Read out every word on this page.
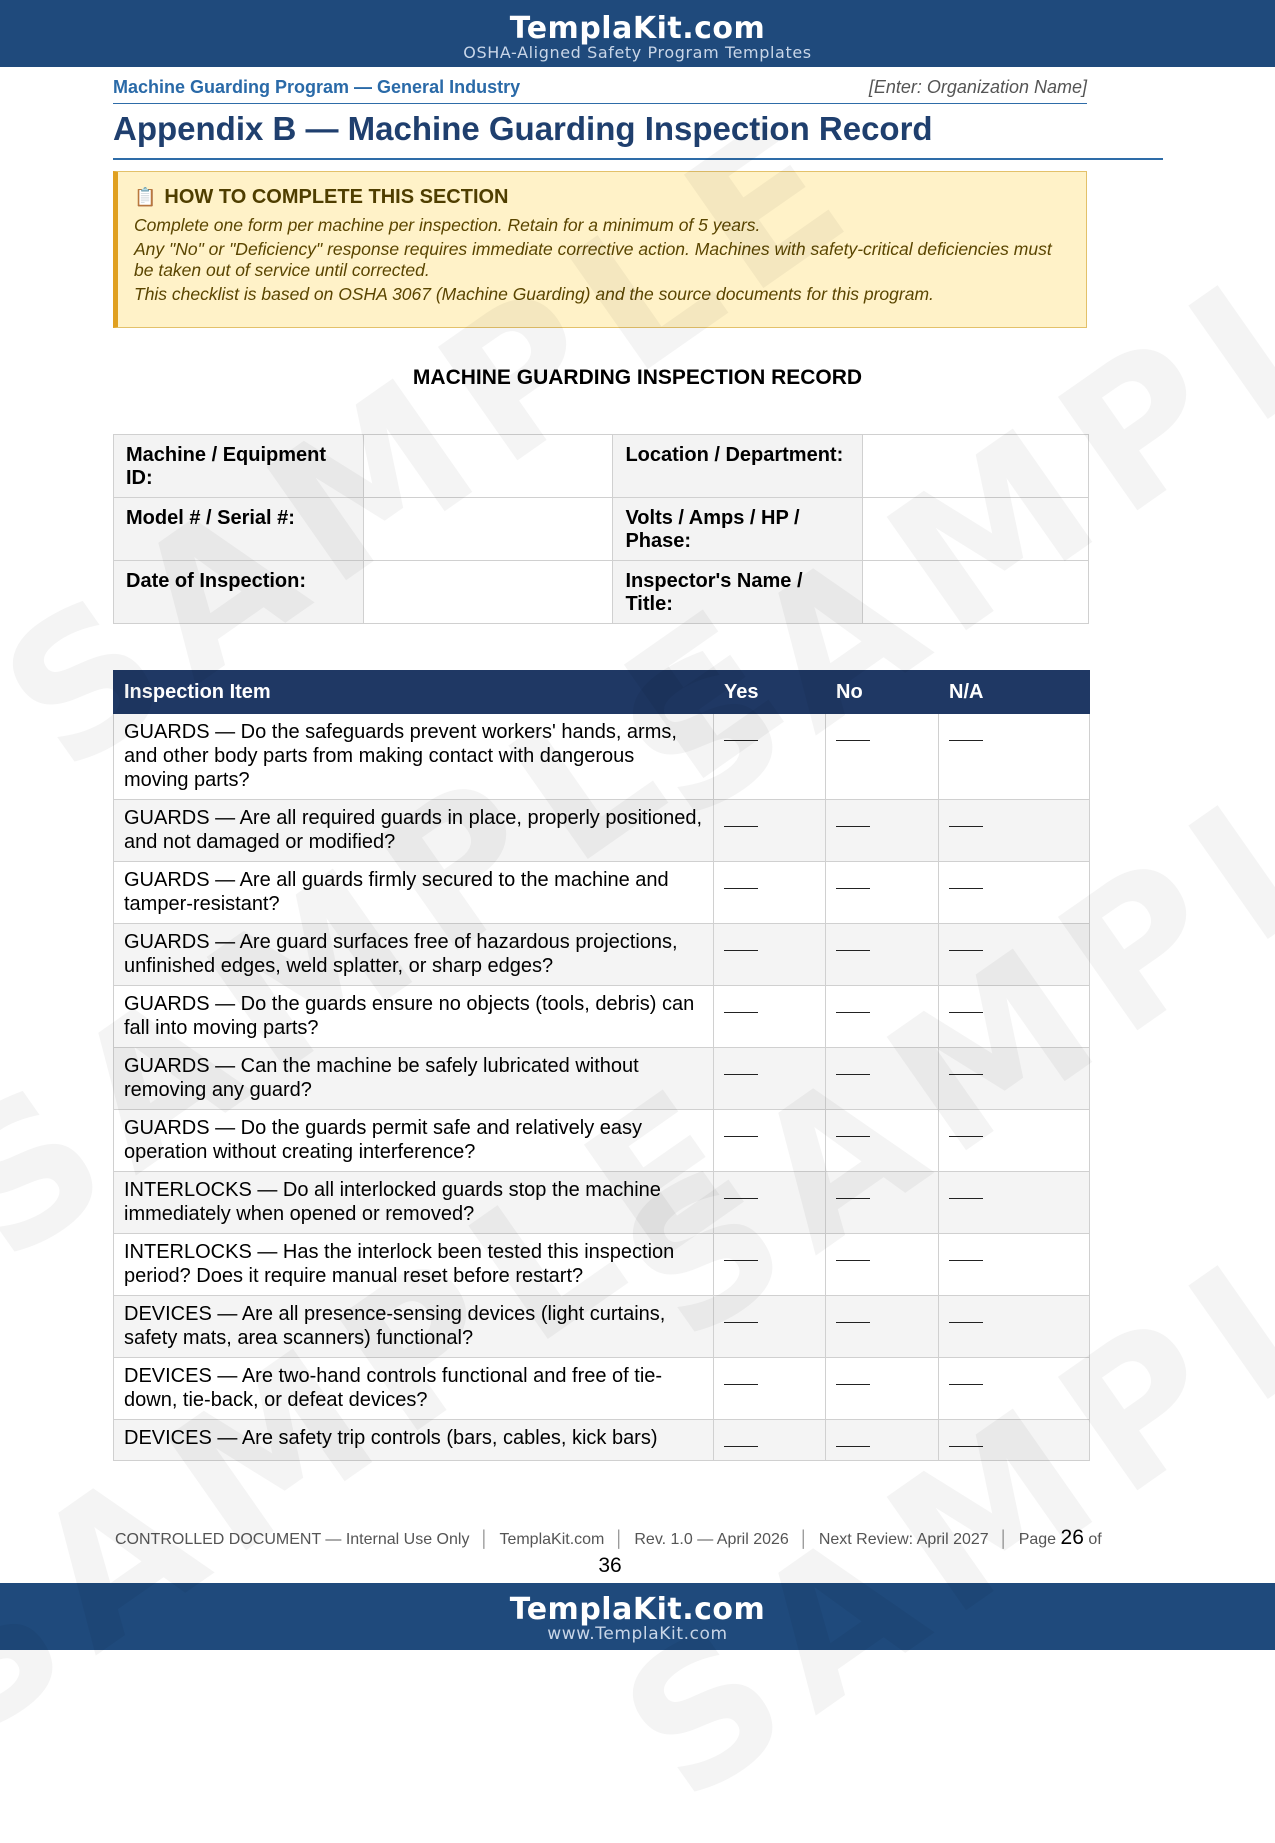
TemplaKit.com
OSHA-Aligned Safety Program Templates
Machine Guarding Program — General Industry	[Enter: Organization Name]
Appendix B — Machine Guarding Inspection Record
📋 HOW TO COMPLETE THIS SECTION

Complete one form per machine per inspection. Retain for a minimum of 5 years.

Any "No" or "Deficiency" response requires immediate corrective action. Machines with safety-critical deficiencies must be taken out of service until corrected.

This checklist is based on OSHA 3067 (Machine Guarding) and the source documents for this program.

MACHINE GUARDING INSPECTION RECORD
Machine / Equipment ID:		Location / Department:	
Model # / Serial #:		Volts / Amps / HP / Phase:	
Date of Inspection:		Inspector's Name / Title:	
Inspection Item	Yes	No	N/A
GUARDS — Do the safeguards prevent workers' hands, arms, and other body parts from making contact with dangerous moving parts?			
GUARDS — Are all required guards in place, properly positioned, and not damaged or modified?			
GUARDS — Are all guards firmly secured to the machine and tamper-resistant?			
GUARDS — Are guard surfaces free of hazardous projections, unfinished edges, weld splatter, or sharp edges?			
GUARDS — Do the guards ensure no objects (tools, debris) can fall into moving parts?			
GUARDS — Can the machine be safely lubricated without removing any guard?			
GUARDS — Do the guards permit safe and relatively easy operation without creating interference?			
INTERLOCKS — Do all interlocked guards stop the machine immediately when opened or removed?			
INTERLOCKS — Has the interlock been tested this inspection period? Does it require manual reset before restart?			
DEVICES — Are all presence-sensing devices (light curtains, safety mats, area scanners) functional?			
DEVICES — Are two-hand controls functional and free of tie-down, tie-back, or defeat devices?			
DEVICES — Are safety trip controls (bars, cables, kick bars)			
CONTROLLED DOCUMENT — Internal Use Only │ TemplaKit.com │ Rev. 1.0 — April 2026 │ Next Review: April 2027 │ Page 26 of
36
TemplaKit.com
www.TemplaKit.com
